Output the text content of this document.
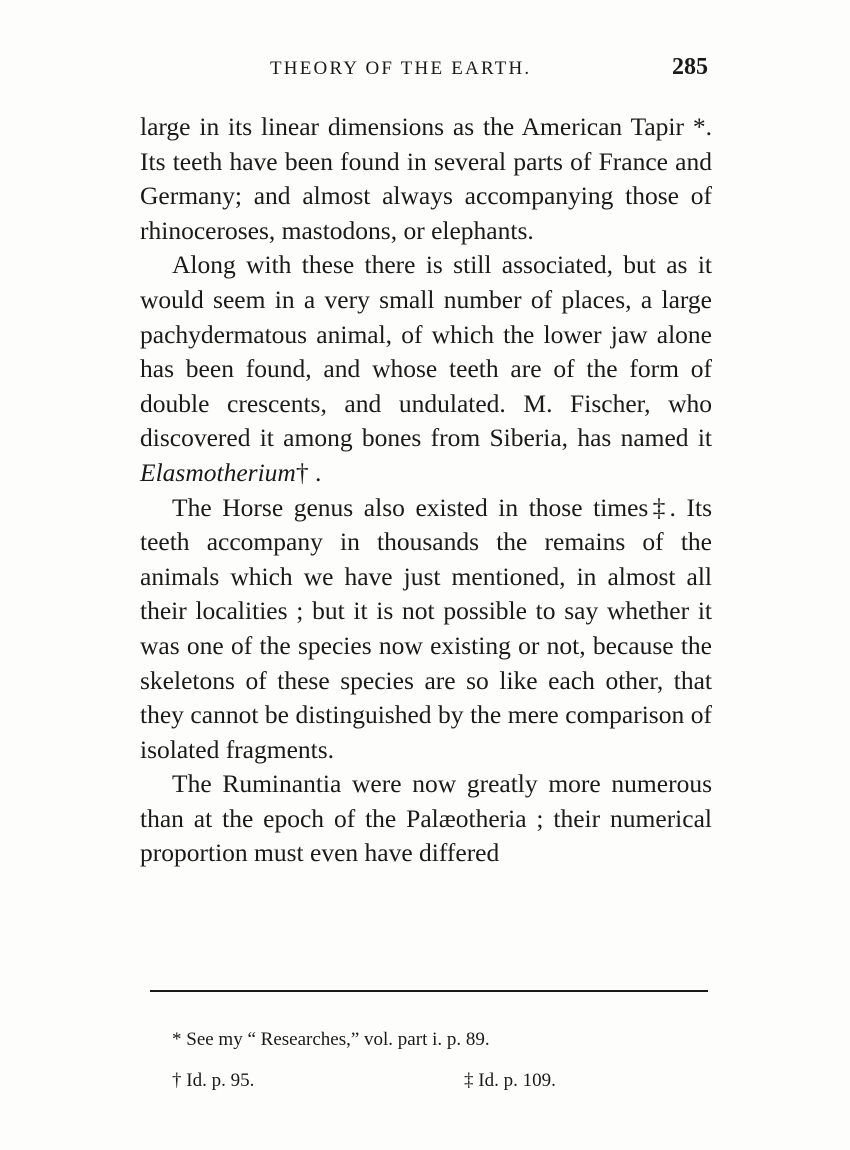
THEORY OF THE EARTH.	285

large in its linear dimensions as the American Tapir *. Its teeth have been found in several parts of France and Germany; and almost always accompanying those of rhinoceroses, mastodons, or elephants.

Along with these there is still associated, but as it would seem in a very small number of places, a large pachydermatous animal, of which the lower jaw alone has been found, and whose teeth are of the form of double crescents, and undulated. M. Fischer, who discovered it among bones from Siberia, has named it Elasmotherium† .

The Horse genus also existed in those times‡. Its teeth accompany in thousands the remains of the animals which we have just mentioned, in almost all their localities ; but it is not possible to say whether it was one of the species now existing or not, because the skeletons of these species are so like each other, that they cannot be distinguished by the mere comparison of isolated fragments.

The Ruminantia were now greatly more numerous than at the epoch of the Palæotheria ; their numerical proportion must even have differed

* See my “ Researches,” vol. part i. p. 89.
† Id. p. 95.	‡ Id. p. 109.
